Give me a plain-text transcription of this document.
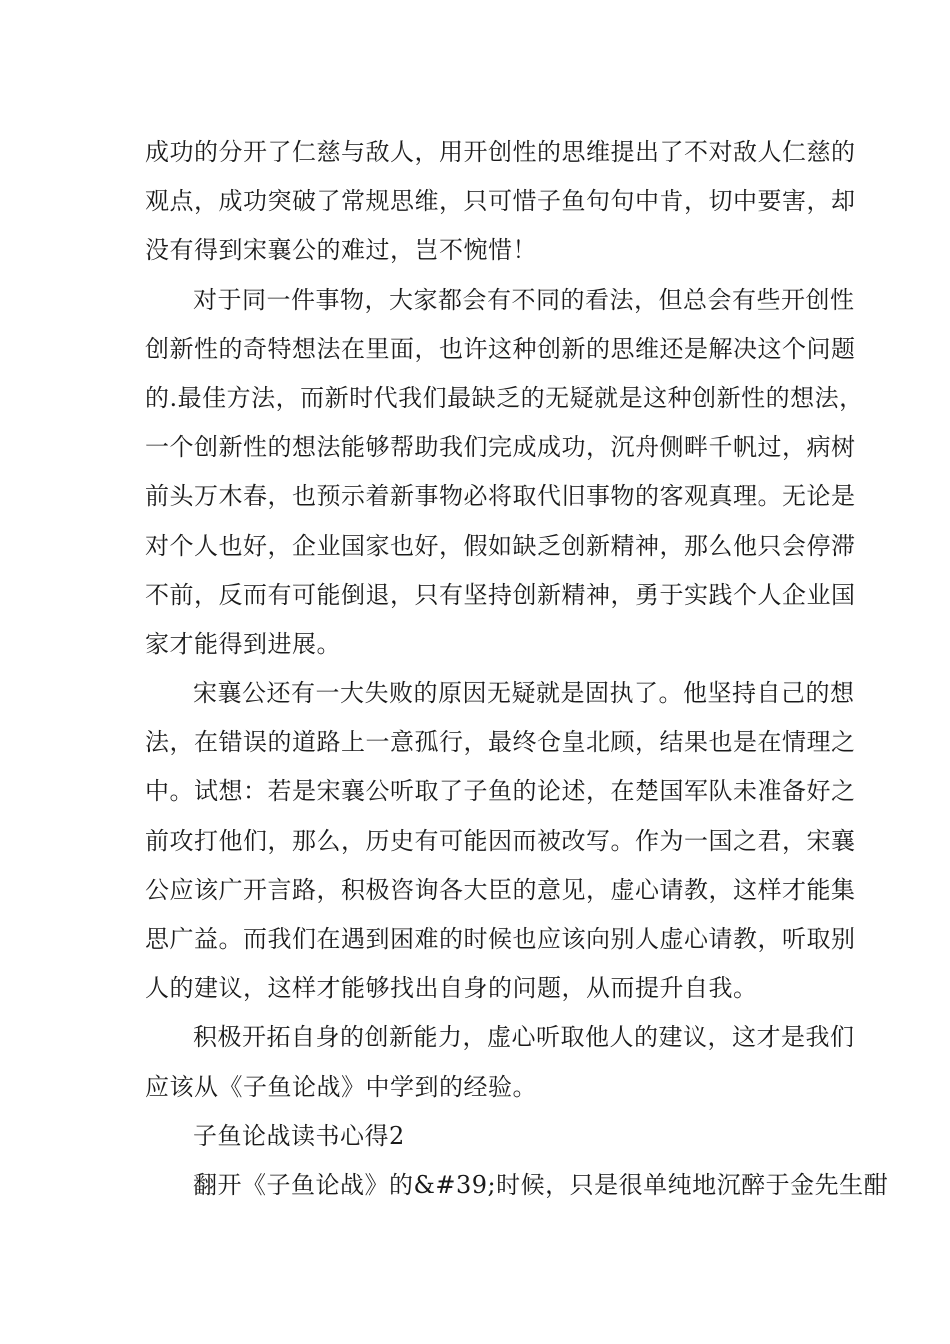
成功的分开了仁慈与敌人，用开创性的思维提出了不对敌人仁慈的
观点，成功突破了常规思维，只可惜子鱼句句中肯，切中要害，却
没有得到宋襄公的难过，岂不惋惜！
对于同一件事物，大家都会有不同的看法，但总会有些开创性
创新性的奇特想法在里面，也许这种创新的思维还是解决这个问题
的.最佳方法，而新时代我们最缺乏的无疑就是这种创新性的想法，
一个创新性的想法能够帮助我们完成成功，沉舟侧畔千帆过，病树
前头万木春，也预示着新事物必将取代旧事物的客观真理。无论是
对个人也好，企业国家也好，假如缺乏创新精神，那么他只会停滞
不前，反而有可能倒退，只有坚持创新精神，勇于实践个人企业国
家才能得到进展。
宋襄公还有一大失败的原因无疑就是固执了。他坚持自己的想
法，在错误的道路上一意孤行，最终仓皇北顾，结果也是在情理之
中。试想：若是宋襄公听取了子鱼的论述，在楚国军队未准备好之
前攻打他们，那么，历史有可能因而被改写。作为一国之君，宋襄
公应该广开言路，积极咨询各大臣的意见，虚心请教，这样才能集
思广益。而我们在遇到困难的时候也应该向别人虚心请教，听取别
人的建议，这样才能够找出自身的问题，从而提升自我。
积极开拓自身的创新能力，虚心听取他人的建议，这才是我们
应该从《子鱼论战》中学到的经验。
子鱼论战读书心得2
翻开《子鱼论战》的&#39;时候，只是很单纯地沉醉于金先生酣
